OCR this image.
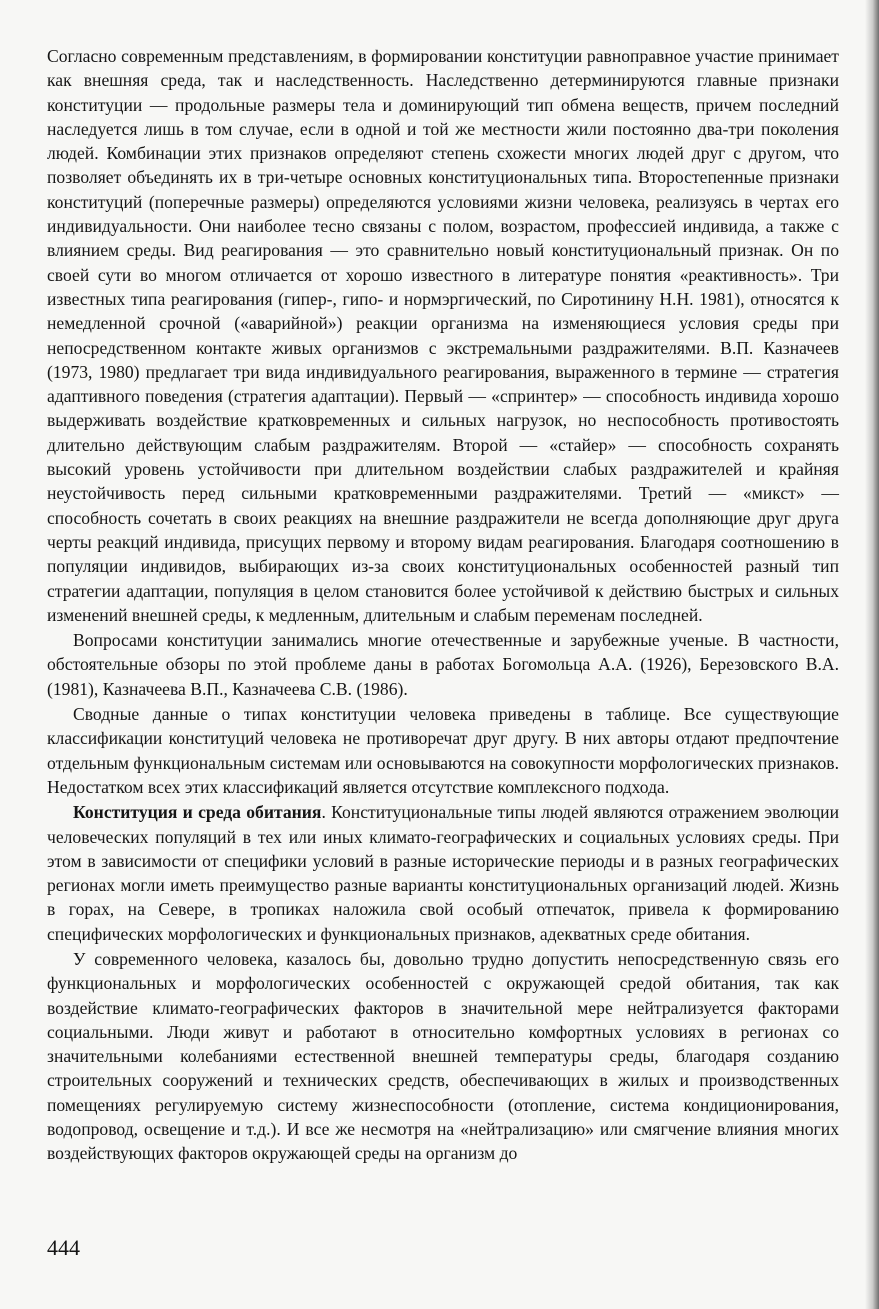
Согласно современным представлениям, в формировании конституции равноправное участие принимает как внешняя среда, так и наследственность. Наследственно детерминируются главные признаки конституции — продольные размеры тела и доминирующий тип обмена веществ, причем последний наследуется лишь в том случае, если в одной и той же местности жили постоянно два-три поколения людей. Комбинации этих признаков определяют степень схожести многих людей друг с другом, что позволяет объединять их в три-четыре основных конституциональных типа. Второстепенные признаки конституций (поперечные размеры) определяются условиями жизни человека, реализуясь в чертах его индивидуальности. Они наиболее тесно связаны с полом, возрастом, профессией индивида, а также с влиянием среды. Вид реагирования — это сравнительно новый конституциональный признак. Он по своей сути во многом отличается от хорошо известного в литературе понятия «реактивность». Три известных типа реагирования (гипер-, гипо- и нормэргический, по Сиротинину Н.Н. 1981), относятся к немедленной срочной («аварийной») реакции организма на изменяющиеся условия среды при непосредственном контакте живых организмов с экстремальными раздражителями. В.П. Казначеев (1973, 1980) предлагает три вида индивидуального реагирования, выраженного в термине — стратегия адаптивного поведения (стратегия адаптации). Первый — «спринтер» — способность индивида хорошо выдерживать воздействие кратковременных и сильных нагрузок, но неспособность противостоять длительно действующим слабым раздражителям. Второй — «стайер» — способность сохранять высокий уровень устойчивости при длительном воздействии слабых раздражителей и крайняя неустойчивость перед сильными кратковременными раздражителями. Третий — «микст» — способность сочетать в своих реакциях на внешние раздражители не всегда дополняющие друг друга черты реакций индивида, присущих первому и второму видам реагирования. Благодаря соотношению в популяции индивидов, выбирающих из-за своих конституциональных особенностей разный тип стратегии адаптации, популяция в целом становится более устойчивой к действию быстрых и сильных изменений внешней среды, к медленным, длительным и слабым переменам последней.

Вопросами конституции занимались многие отечественные и зарубежные ученые. В частности, обстоятельные обзоры по этой проблеме даны в работах Богомольца А.А. (1926), Березовского В.А. (1981), Казначеева В.П., Казначеева С.В. (1986).

Сводные данные о типах конституции человека приведены в таблице. Все существующие классификации конституций человека не противоречат друг другу. В них авторы отдают предпочтение отдельным функциональным системам или основываются на совокупности морфологических признаков. Недостатком всех этих классификаций является отсутствие комплексного подхода.

Конституция и среда обитания. Конституциональные типы людей являются отражением эволюции человеческих популяций в тех или иных климато-географических и социальных условиях среды. При этом в зависимости от специфики условий в разные исторические периоды и в разных географических регионах могли иметь преимущество разные варианты конституциональных организаций людей. Жизнь в горах, на Севере, в тропиках наложила свой особый отпечаток, привела к формированию специфических морфологических и функциональных признаков, адекватных среде обитания.

У современного человека, казалось бы, довольно трудно допустить непосредственную связь его функциональных и морфологических особенностей с окружающей средой обитания, так как воздействие климато-географических факторов в значительной мере нейтрализуется факторами социальными. Люди живут и работают в относительно комфортных условиях в регионах со значительными колебаниями естественной внешней температуры среды, благодаря созданию строительных сооружений и технических средств, обеспечивающих в жилых и производственных помещениях регулируемую систему жизнеспособности (отопление, система кондиционирования, водопровод, освещение и т.д.). И все же несмотря на «нейтрализацию» или смягчение влияния многих воздействующих факторов окружающей среды на организм до

444
